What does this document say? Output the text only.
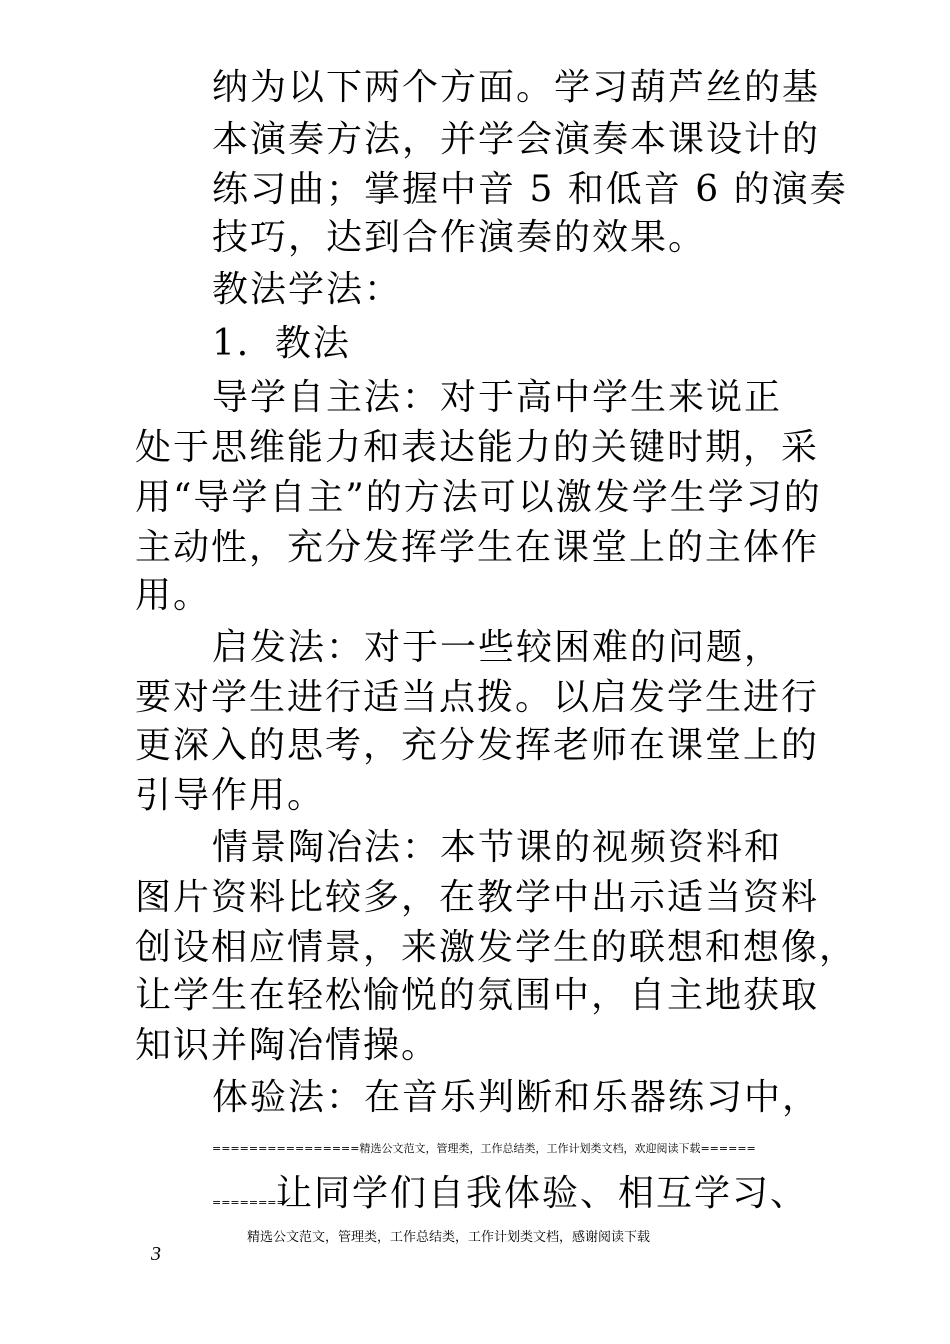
纳为以下两个方面。学习葫芦丝的基
本演奏方法，并学会演奏本课设计的
练习曲；掌握中音 5 和低音 6 的演奏
技巧，达到合作演奏的效果。
教法学法：
1．教法
导学自主法：对于高中学生来说正
处于思维能力和表达能力的关键时期，采
用“导学自主”的方法可以激发学生学习的
主动性，充分发挥学生在课堂上的主体作
用。
启发法：对于一些较困难的问题，
要对学生进行适当点拨。以启发学生进行
更深入的思考，充分发挥老师在课堂上的
引导作用。
情景陶冶法：本节课的视频资料和
图片资料比较多，在教学中出示适当资料
创设相应情景，来激发学生的联想和想像，
让学生在轻松愉悦的氛围中，自主地获取
知识并陶冶情操。
体验法：在音乐判断和乐器练习中，
================精选公文范文，管理类，工作总结类，工作计划类文档，欢迎阅读下载======
========
让同学们自我体验、相互学习、
精选公文范文，管理类，工作总结类，工作计划类文档，感谢阅读下载
3
